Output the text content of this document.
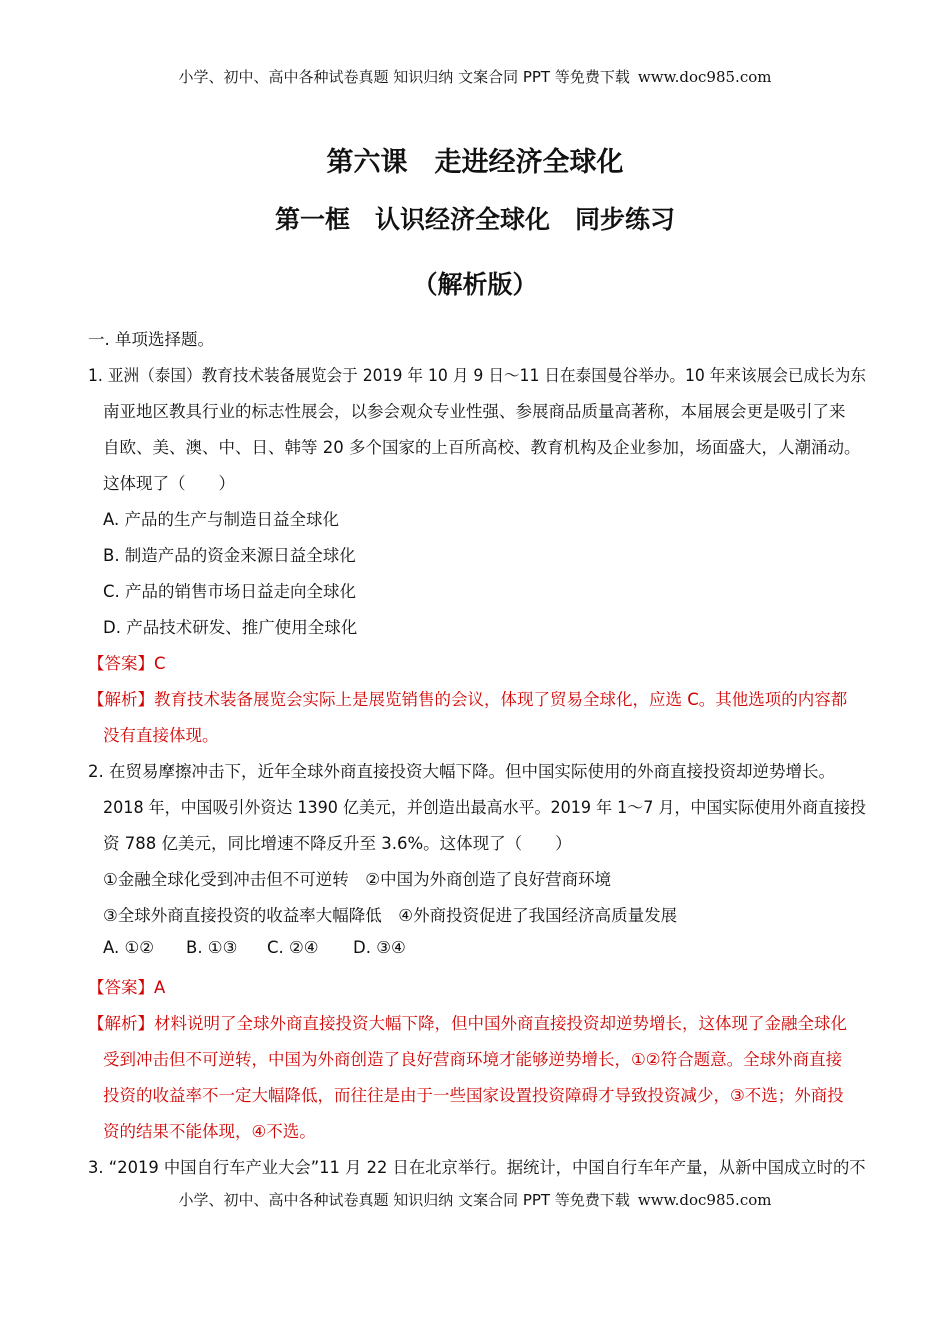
小学、初中、高中各种试卷真题 知识归纳 文案合同 PPT 等免费下载 www.doc985.com
第六课　走进经济全球化
第一框　认识经济全球化　同步练习
（解析版）
一. 单项选择题。
1. 亚洲（泰国）教育技术装备展览会于 2019 年 10 月 9 日～11 日在泰国曼谷举办。10 年来该展会已成长为东
南亚地区教具行业的标志性展会，以参会观众专业性强、参展商品质量高著称，本届展会更是吸引了来
自欧、美、澳、中、日、韩等 20 多个国家的上百所高校、教育机构及企业参加，场面盛大，人潮涌动。
这体现了（　　）
A. 产品的生产与制造日益全球化
B. 制造产品的资金来源日益全球化
C. 产品的销售市场日益走向全球化
D. 产品技术研发、推广使用全球化
【答案】C
【解析】教育技术装备展览会实际上是展览销售的会议，体现了贸易全球化，应选 C。其他选项的内容都
没有直接体现。
2. 在贸易摩擦冲击下，近年全球外商直接投资大幅下降。但中国实际使用的外商直接投资却逆势增长。
2018 年，中国吸引外资达 1390 亿美元，并创造出最高水平。2019 年 1～7 月，中国实际使用外商直接投
资 788 亿美元，同比增速不降反升至 3.6%。这体现了（　　）
①金融全球化受到冲击但不可逆转　②中国为外商创造了良好营商环境
③全球外商直接投资的收益率大幅降低　④外商投资促进了我国经济高质量发展
A. ①② B. ①③ C. ②④ D. ③④
【答案】A
【解析】材料说明了全球外商直接投资大幅下降，但中国外商直接投资却逆势增长，这体现了金融全球化
受到冲击但不可逆转，中国为外商创造了良好营商环境才能够逆势增长，①②符合题意。全球外商直接
投资的收益率不一定大幅降低，而往往是由于一些国家设置投资障碍才导致投资减少，③不选；外商投
资的结果不能体现，④不选。
3. “2019 中国自行车产业大会”11 月 22 日在北京举行。据统计，中国自行车年产量，从新中国成立时的不
小学、初中、高中各种试卷真题 知识归纳 文案合同 PPT 等免费下载 www.doc985.com
